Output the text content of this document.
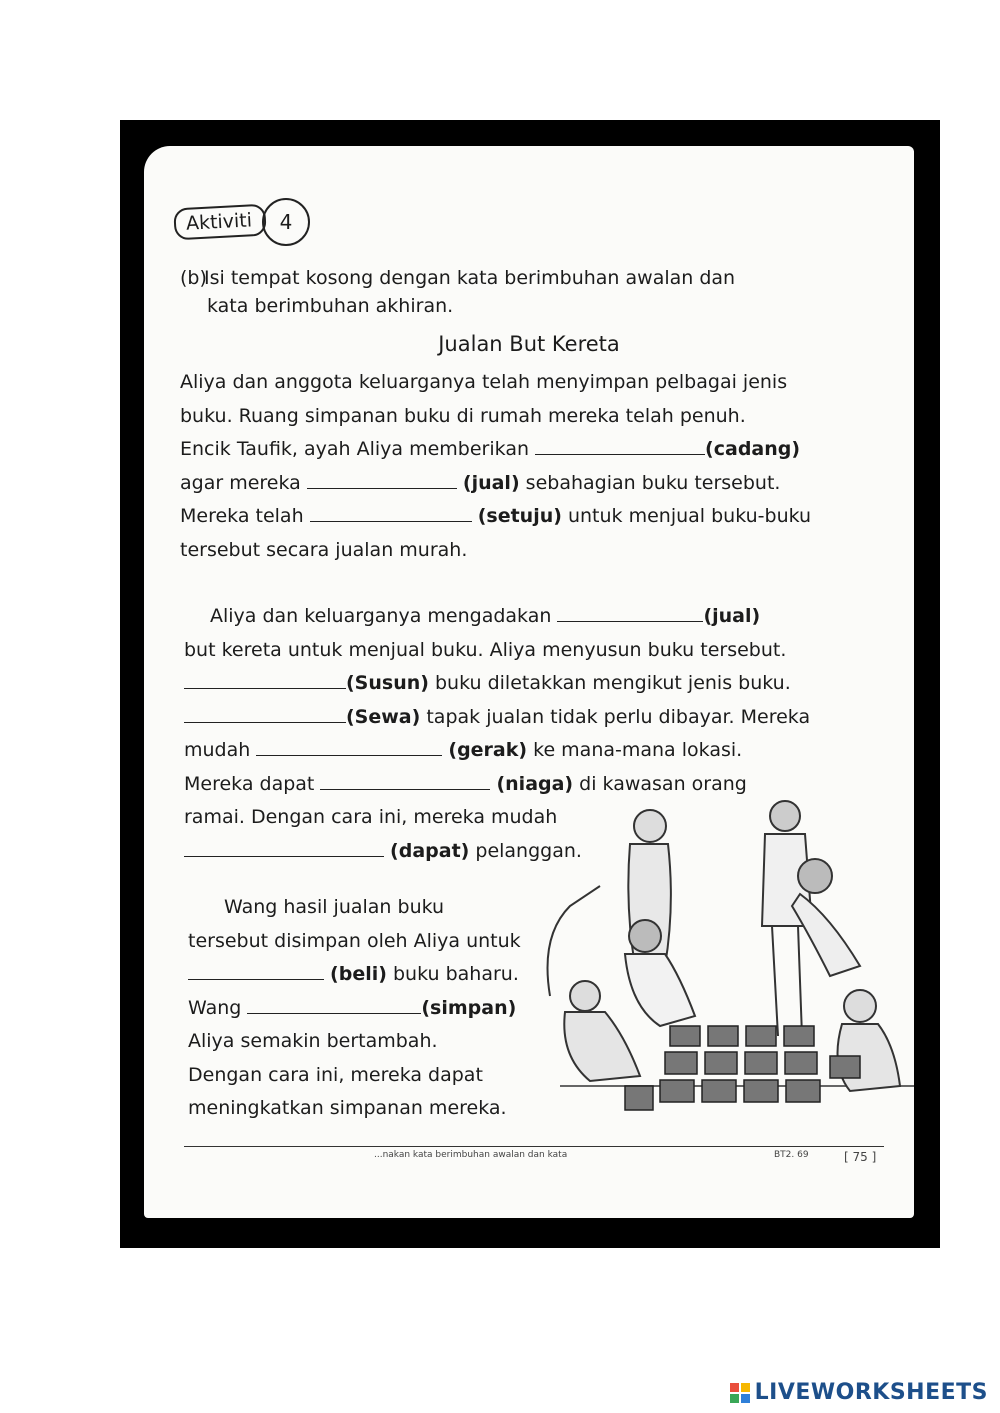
Aktiviti	4
(b)Isi tempat kosong dengan kata berimbuhan awalan dan
kata berimbuhan akhiran.
Jualan But Kereta
Aliya dan anggota keluarganya telah menyimpan pelbagai jenis
buku. Ruang simpanan buku di rumah mereka telah penuh.
Encik Taufik, ayah Aliya memberikan	(cadang)
agar mereka	(jual) sebahagian buku tersebut.
Mereka telah	(setuju) untuk menjual buku-buku
tersebut secara jualan murah.
Aliya dan keluarganya mengadakan	(jual)
but kereta untuk menjual buku. Aliya menyusun buku tersebut.
(Susun) buku diletakkan mengikut jenis buku.
(Sewa) tapak jualan tidak perlu dibayar. Mereka
mudah	(gerak) ke mana-mana lokasi.
Mereka dapat	(niaga) di kawasan orang
ramai. Dengan cara ini, mereka mudah
(dapat) pelanggan.
Wang hasil jualan buku
tersebut disimpan oleh Aliya untuk
(beli) buku baharu.
Wang	(simpan)
Aliya semakin bertambah.
Dengan cara ini, mereka dapat
meningkatkan simpanan mereka.
...nakan kata berimbuhan awalan dan kata	BT2. 69	[ 75 ]
LIVEWORKSHEETS
